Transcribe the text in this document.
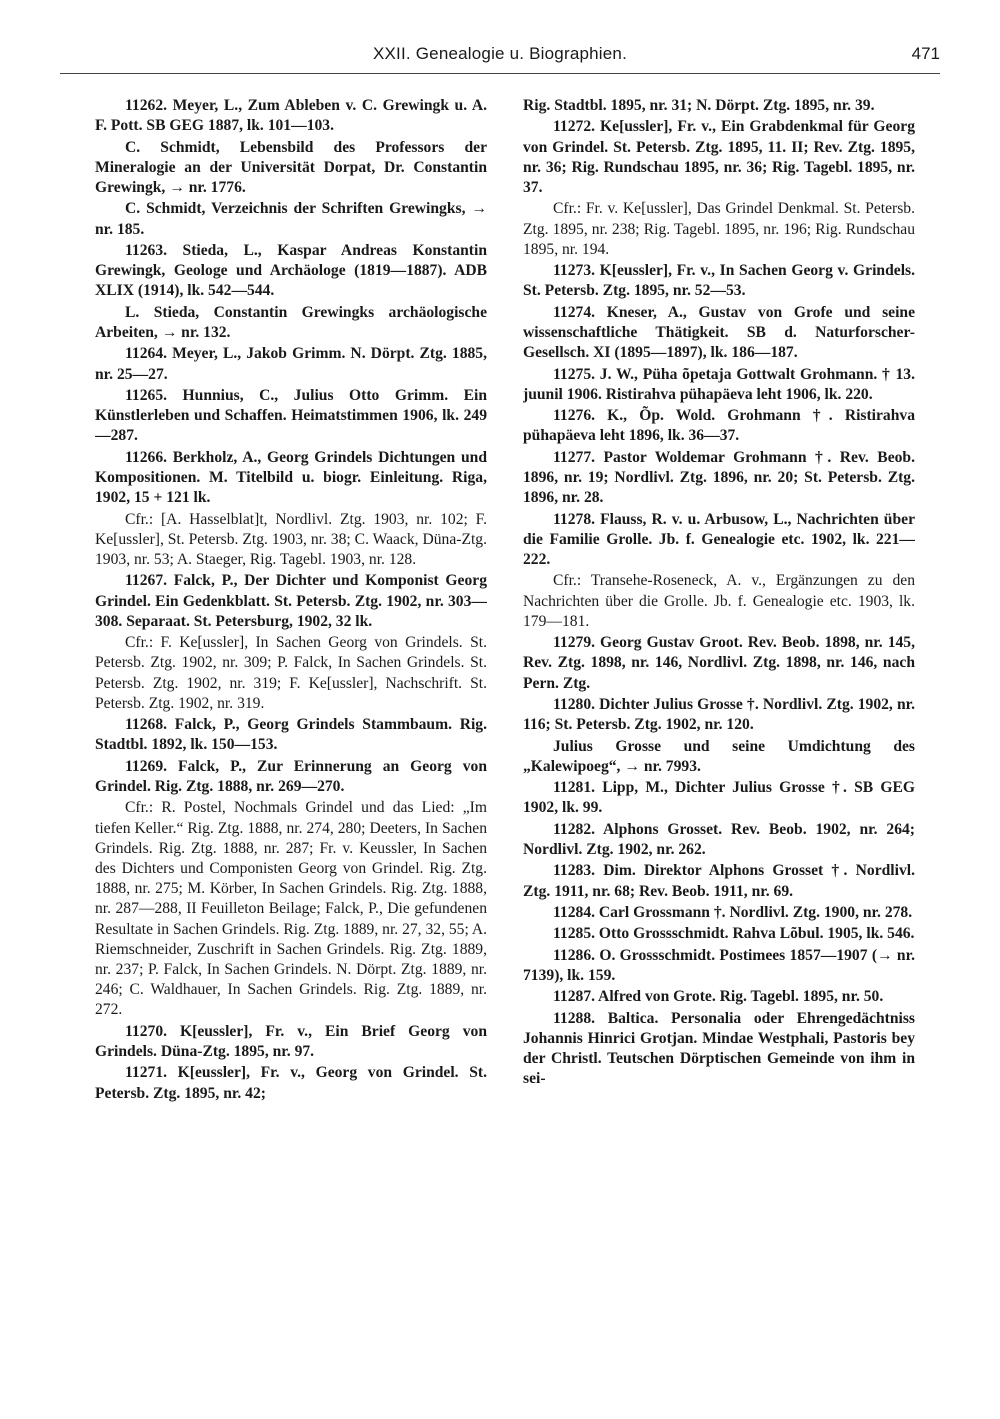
XXII. Genealogie u. Biographien.	471

11262. Meyer, L., Zum Ableben v. C. Grewingk u. A. F. Pott. SB GEG 1887, lk. 101—103.

C. Schmidt, Lebensbild des Professors der Mineralogie an der Universität Dorpat, Dr. Constantin Grewingk, → nr. 1776.

C. Schmidt, Verzeichnis der Schriften Grewingks, → nr. 185.

11263. Stieda, L., Kaspar Andreas Konstantin Grewingk, Geologe und Archäologe (1819—1887). ADB XLIX (1914), lk. 542—544.

L. Stieda, Constantin Grewingks archäologische Arbeiten, → nr. 132.

11264. Meyer, L., Jakob Grimm. N. Dörpt. Ztg. 1885, nr. 25—27.

11265. Hunnius, C., Julius Otto Grimm. Ein Künstlerleben und Schaffen. Heimatstimmen 1906, lk. 249—287.

11266. Berkholz, A., Georg Grindels Dichtungen und Kompositionen. M. Titelbild u. biogr. Einleitung. Riga, 1902, 15 + 121 lk.

Cfr.: [A. Hasselblat]t, Nordlivl. Ztg. 1903, nr. 102; F. Ke[ussler], St. Petersb. Ztg. 1903, nr. 38; C. Waack, Düna-Ztg. 1903, nr. 53; A. Staeger, Rig. Tagebl. 1903, nr. 128.

11267. Falck, P., Der Dichter und Komponist Georg Grindel. Ein Gedenkblatt. St. Petersb. Ztg. 1902, nr. 303—308. Separaat. St. Petersburg, 1902, 32 lk.

Cfr.: F. Ke[ussler], In Sachen Georg von Grindels. St. Petersb. Ztg. 1902, nr. 309; P. Falck, In Sachen Grindels. St. Petersb. Ztg. 1902, nr. 319; F. Ke[ussler], Nachschrift. St. Petersb. Ztg. 1902, nr. 319.

11268. Falck, P., Georg Grindels Stammbaum. Rig. Stadtbl. 1892, lk. 150—153.

11269. Falck, P., Zur Erinnerung an Georg von Grindel. Rig. Ztg. 1888, nr. 269—270.

Cfr.: R. Postel, Nochmals Grindel und das Lied: „Im tiefen Keller.“ Rig. Ztg. 1888, nr. 274, 280; Deeters, In Sachen Grindels. Rig. Ztg. 1888, nr. 287; Fr. v. Keussler, In Sachen des Dichters und Componisten Georg von Grindel. Rig. Ztg. 1888, nr. 275; M. Körber, In Sachen Grindels. Rig. Ztg. 1888, nr. 287—288, II Feuilleton Beilage; Falck, P., Die gefundenen Resultate in Sachen Grindels. Rig. Ztg. 1889, nr. 27, 32, 55; A. Riemschneider, Zuschrift in Sachen Grindels. Rig. Ztg. 1889, nr. 237; P. Falck, In Sachen Grindels. N. Dörpt. Ztg. 1889, nr. 246; C. Waldhauer, In Sachen Grindels. Rig. Ztg. 1889, nr. 272.

11270. K[eussler], Fr. v., Ein Brief Georg von Grindels. Düna-Ztg. 1895, nr. 97.

11271. K[eussler], Fr. v., Georg von Grindel. St. Petersb. Ztg. 1895, nr. 42;

Rig. Stadtbl. 1895, nr. 31; N. Dörpt. Ztg. 1895, nr. 39.

11272. Ke[ussler], Fr. v., Ein Grabdenkmal für Georg von Grindel. St. Petersb. Ztg. 1895, 11. II; Rev. Ztg. 1895, nr. 36; Rig. Rundschau 1895, nr. 36; Rig. Tagebl. 1895, nr. 37.

Cfr.: Fr. v. Ke[ussler], Das Grindel Denkmal. St. Petersb. Ztg. 1895, nr. 238; Rig. Tagebl. 1895, nr. 196; Rig. Rundschau 1895, nr. 194.

11273. K[eussler], Fr. v., In Sachen Georg v. Grindels. St. Petersb. Ztg. 1895, nr. 52—53.

11274. Kneser, A., Gustav von Grofe und seine wissenschaftliche Thätigkeit. SB d. Naturforscher-Gesellsch. XI (1895—1897), lk. 186—187.

11275. J. W., Püha õpetaja Gottwalt Grohmann. † 13. juunil 1906. Ristirahva pühapäeva leht 1906, lk. 220.

11276. K., Õp. Wold. Grohmann †. Ristirahva pühapäeva leht 1896, lk. 36—37.

11277. Pastor Woldemar Grohmann †. Rev. Beob. 1896, nr. 19; Nordlivl. Ztg. 1896, nr. 20; St. Petersb. Ztg. 1896, nr. 28.

11278. Flauss, R. v. u. Arbusow, L., Nachrichten über die Familie Grolle. Jb. f. Genealogie etc. 1902, lk. 221—222.

Cfr.: Transehe-Roseneck, A. v., Ergänzungen zu den Nachrichten über die Grolle. Jb. f. Genealogie etc. 1903, lk. 179—181.

11279. Georg Gustav Groot. Rev. Beob. 1898, nr. 145, Rev. Ztg. 1898, nr. 146, Nordlivl. Ztg. 1898, nr. 146, nach Pern. Ztg.

11280. Dichter Julius Grosse †. Nordlivl. Ztg. 1902, nr. 116; St. Petersb. Ztg. 1902, nr. 120.

Julius Grosse und seine Umdichtung des „Kalewipoeg“, → nr. 7993.

11281. Lipp, M., Dichter Julius Grosse †. SB GEG 1902, lk. 99.

11282. Alphons Grosset. Rev. Beob. 1902, nr. 264; Nordlivl. Ztg. 1902, nr. 262.

11283. Dim. Direktor Alphons Grosset †. Nordlivl. Ztg. 1911, nr. 68; Rev. Beob. 1911, nr. 69.

11284. Carl Grossmann †. Nordlivl. Ztg. 1900, nr. 278.

11285. Otto Grossschmidt. Rahva Lõbul. 1905, lk. 546.

11286. O. Grossschmidt. Postimees 1857—1907 (→ nr. 7139), lk. 159.

11287. Alfred von Grote. Rig. Tagebl. 1895, nr. 50.

11288. Baltica. Personalia oder Ehrengedächtniss Johannis Hinrici Grotjan. Mindae Westphali, Pastoris bey der Christl. Teutschen Dörptischen Gemeinde von ihm in sei-
